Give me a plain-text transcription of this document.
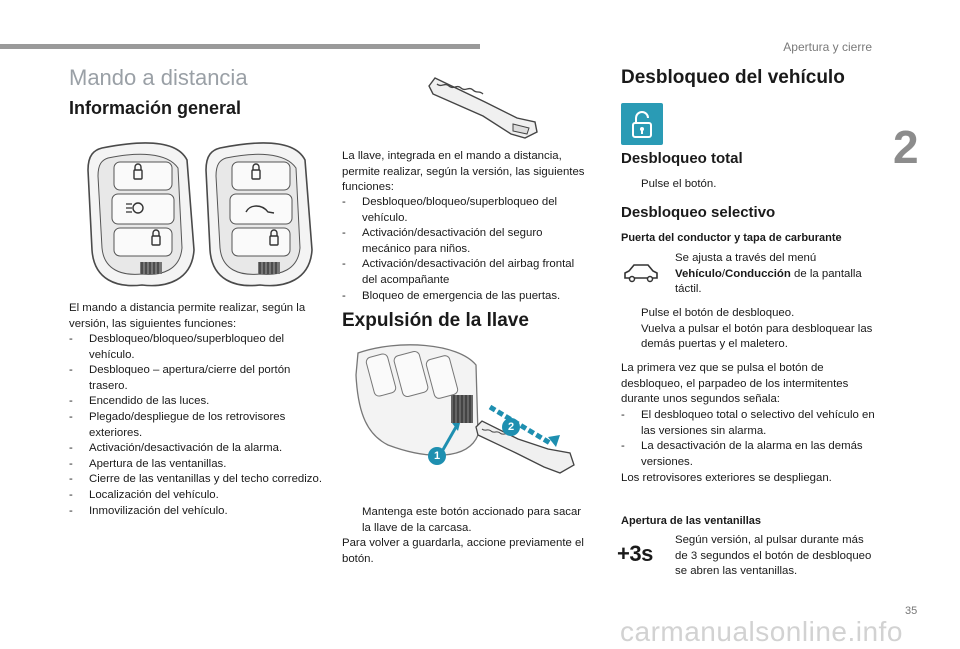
Apertura y cierre
2
35
carmanualsonline.info
Mando a distancia
Información general
El mando a distancia permite realizar, según la versión, las siguientes funciones:
- Desbloqueo/bloqueo/superbloqueo del vehículo.
- Desbloqueo – apertura/cierre del portón trasero.
- Encendido de las luces.
- Plegado/despliegue de los retrovisores exteriores.
- Activación/desactivación de la alarma.
- Apertura de las ventanillas.
- Cierre de las ventanillas y del techo corredizo.
- Localización del vehículo.
- Inmovilización del vehículo.
La llave, integrada en el mando a distancia, permite realizar, según la versión, las siguientes funciones:
- Desbloqueo/bloqueo/superbloqueo del vehículo.
- Activación/desactivación del seguro mecánico para niños.
- Activación/desactivación del airbag frontal del acompañante
- Bloqueo de emergencia de las puertas.
Expulsión de la llave
1
2
Mantenga este botón accionado para sacar la llave de la carcasa.
Para volver a guardarla, accione previamente el botón.
Desbloqueo del vehículo
Desbloqueo total
Pulse el botón.
Desbloqueo selectivo
Puerta del conductor y tapa de carburante
Se ajusta a través del menú Vehículo/Conducción de la pantalla táctil.
Pulse el botón de desbloqueo.
Vuelva a pulsar el botón para desbloquear las demás puertas y el maletero.
La primera vez que se pulsa el botón de desbloqueo, el parpadeo de los intermitentes durante unos segundos señala:
- El desbloqueo total o selectivo del vehículo en las versiones sin alarma.
- La desactivación de la alarma en las demás versiones.
Los retrovisores exteriores se despliegan.
Apertura de las ventanillas
+3s
Según versión, al pulsar durante más de 3 segundos el botón de desbloqueo se abren las ventanillas.
